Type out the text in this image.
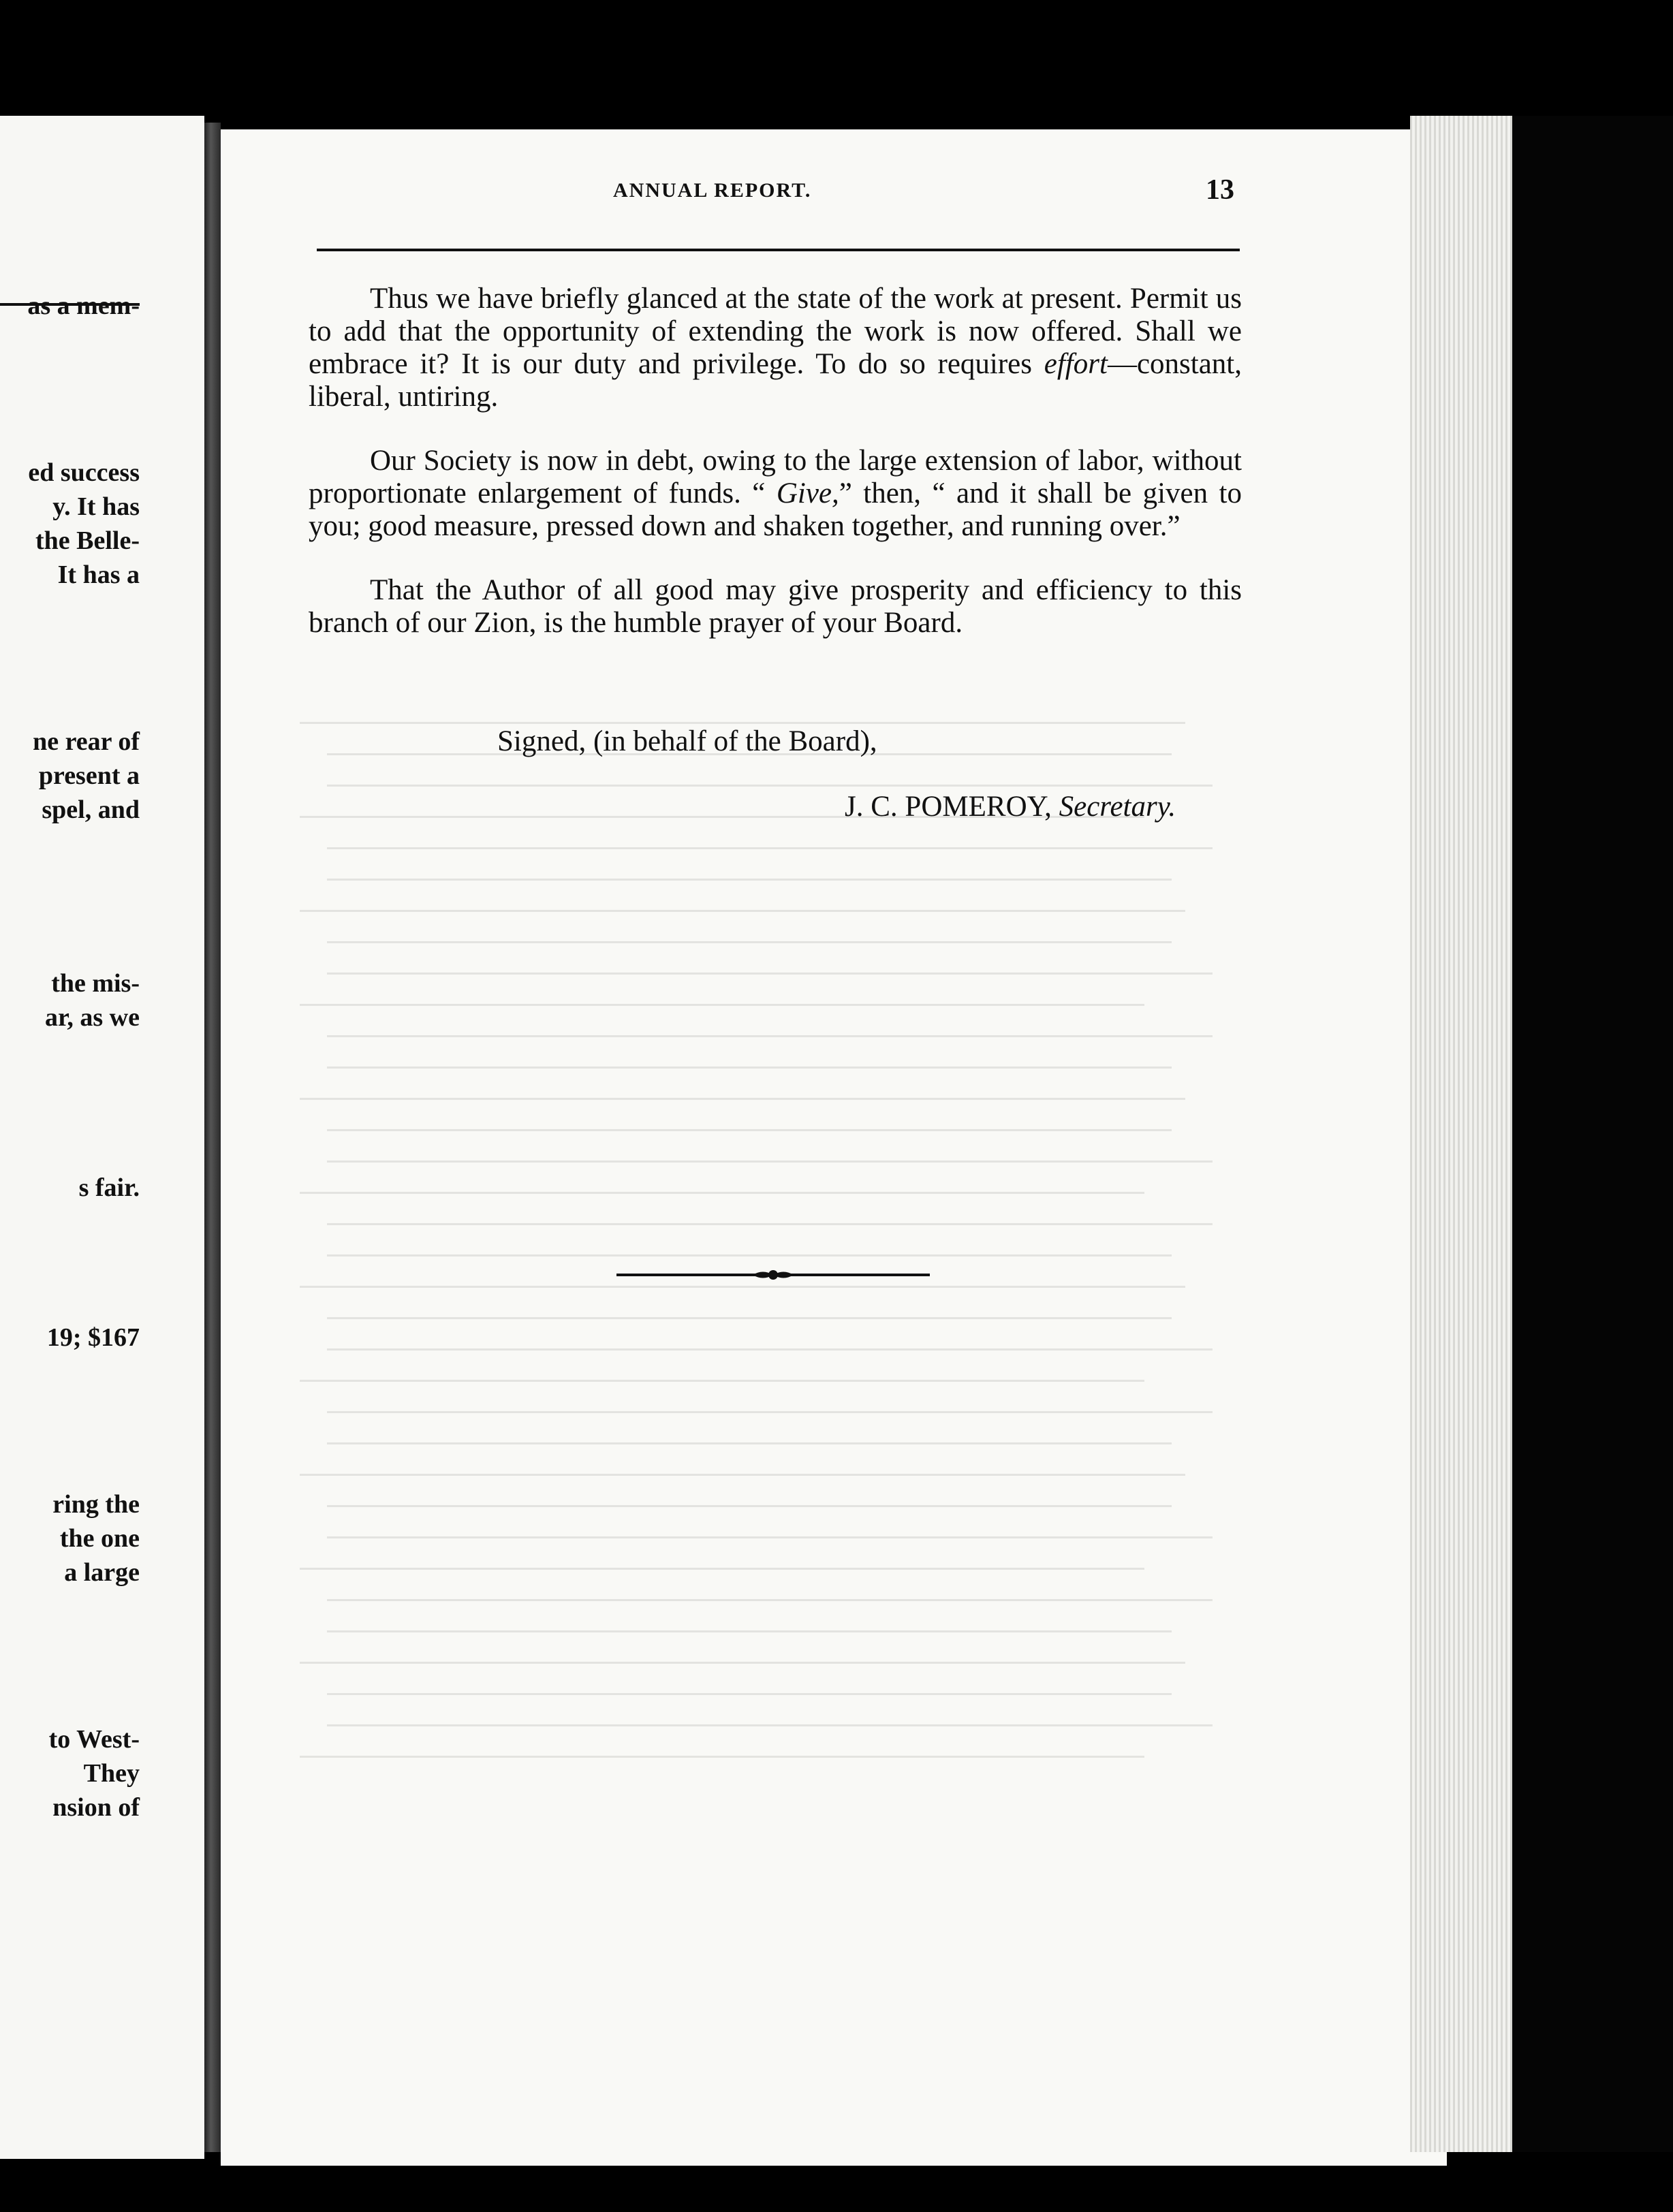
as a mem-
ed success
y. It has
the Belle-
It has a
ne rear of
present a
spel, and
the mis-
ar, as we
s fair.
19; $167
ring the
the one
a large
to West-
They
nsion of
ANNUAL REPORT.	13

Thus we have briefly glanced at the state of the work at present. Permit us to add that the opportunity of extending the work is now offered. Shall we embrace it? It is our duty and privilege. To do so requires effort—constant, liberal, untiring.

Our Society is now in debt, owing to the large extension of labor, without proportionate enlargement of funds. “ Give,” then, “ and it shall be given to you; good measure, pressed down and shaken together, and running over.”

That the Author of all good may give prosperity and efficiency to this branch of our Zion, is the humble prayer of your Board.

Signed, (in behalf of the Board),
J. C. POMEROY, Secretary.
